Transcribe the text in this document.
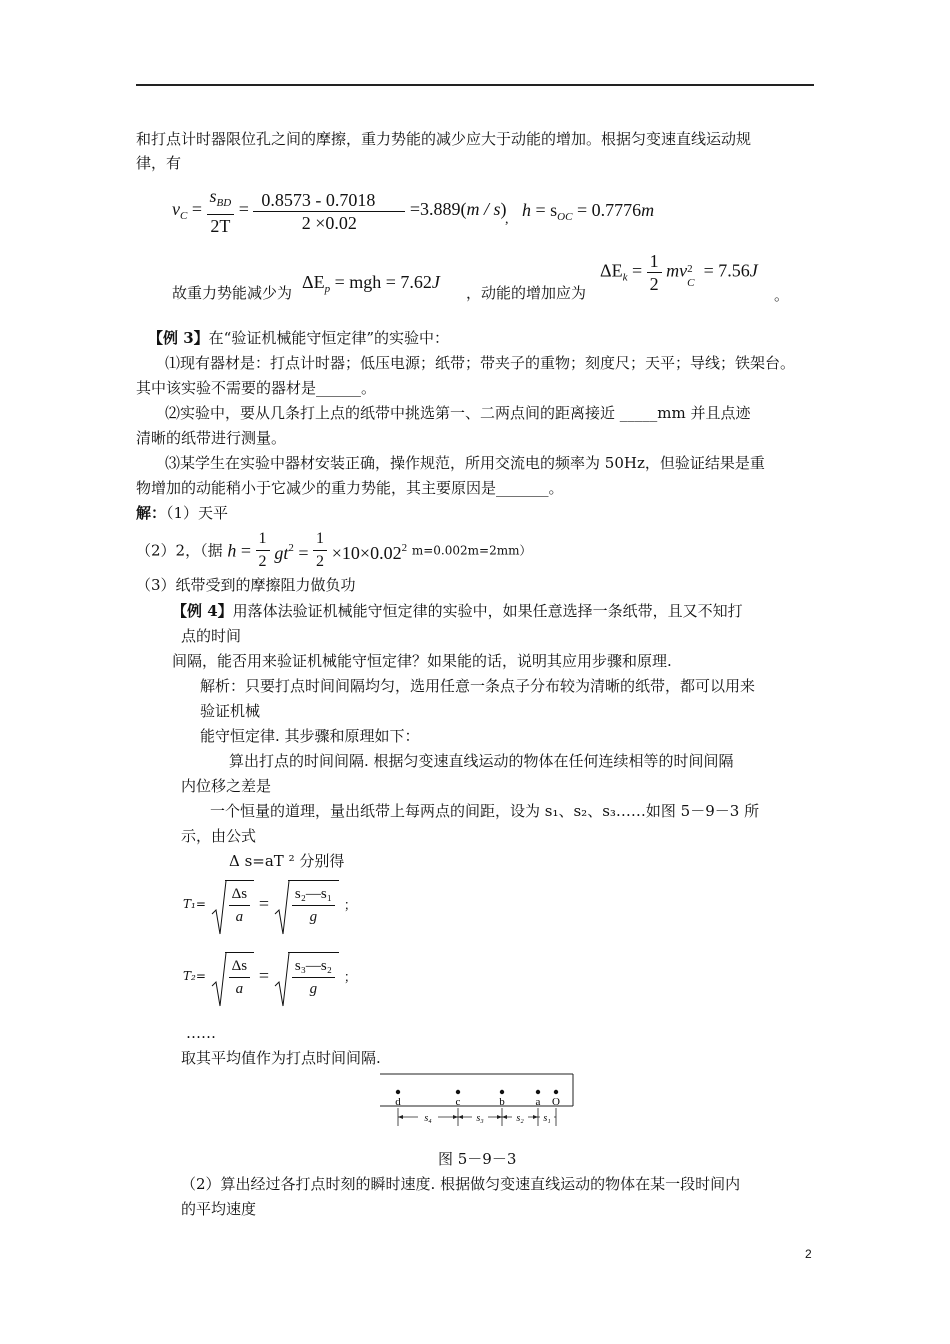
和打点计时器限位孔之间的摩擦，重力势能的减少应大于动能的增加。根据匀变速直线运动规
律，有
$v_C = \frac{s_{BD}}{2T} = \frac{0.8573 - 0.7018}{2 \times 0.02} =3.889(m / s)$
, $h = s_{OC} = 0.7776m$
故重力势能减少为
$\Delta E_p$ = mgh = 7.62J
，动能的增加应为
$\Delta E_k = \frac{1}{2}$ mv 2
C
= 7.56J
。
【例 3】在“验证机械能守恒定律”的实验中：
⑴现有器材是：打点计时器；低压电源；纸带；带夹子的重物；刻度尺；天平；导线；铁架台。
其中该实验不需要的器材是______。
⑵实验中，要从几条打上点的纸带中挑选第一、二两点间的距离接近 _____mm 并且点迹
清晰的纸带进行测量。
⑶某学生在实验中器材安装正确，操作规范，所用交流电的频率为 50Hz，但验证结果是重
物增加的动能稍小于它减少的重力势能，其主要原因是_______。
解：（1）天平
（2）2，（据 $h = \frac{1}{2} gt^2 = \frac{1}{2} \times 10\times 0.02^2$ m=0.002m=2mm）
（3）纸带受到的摩擦阻力做负功
【例 4】用落体法验证机械能守恒定律的实验中，如果任意选择一条纸带，且又不知打
点的时间
间隔，能否用来验证机械能守恒定律？如果能的话，说明其应用步骤和原理.
解析：只要打点时间间隔均匀，选用任意一条点子分布较为清晰的纸带，都可以用来
验证机械
能守恒定律. 其步骤和原理如下：
算出打点的时间间隔. 根据匀变速直线运动的物体在任何连续相等的时间间隔
内位移之差是
一个恒量的道理，量出纸带上每两点的间距，设为 s₁、s₂、s₃……如图 5－9－3 所
示，由公式
Δ s=aT ² 分别得
$T_1= \frac{\Delta s}{a} = \frac{\text{s₂—s₁}}{g}$ ；
$T_2= \frac{\Delta s}{a} = \frac{\text{s₃—s₂}}{g}$ ；
……
取其平均值作为打点时间间隔.
d	c	b	a O
s₄	s₃	s₂ s₁
图 5－9－3
（2）算出经过各打点时刻的瞬时速度. 根据做匀变速直线运动的物体在某一段时间内
的平均速度
2
